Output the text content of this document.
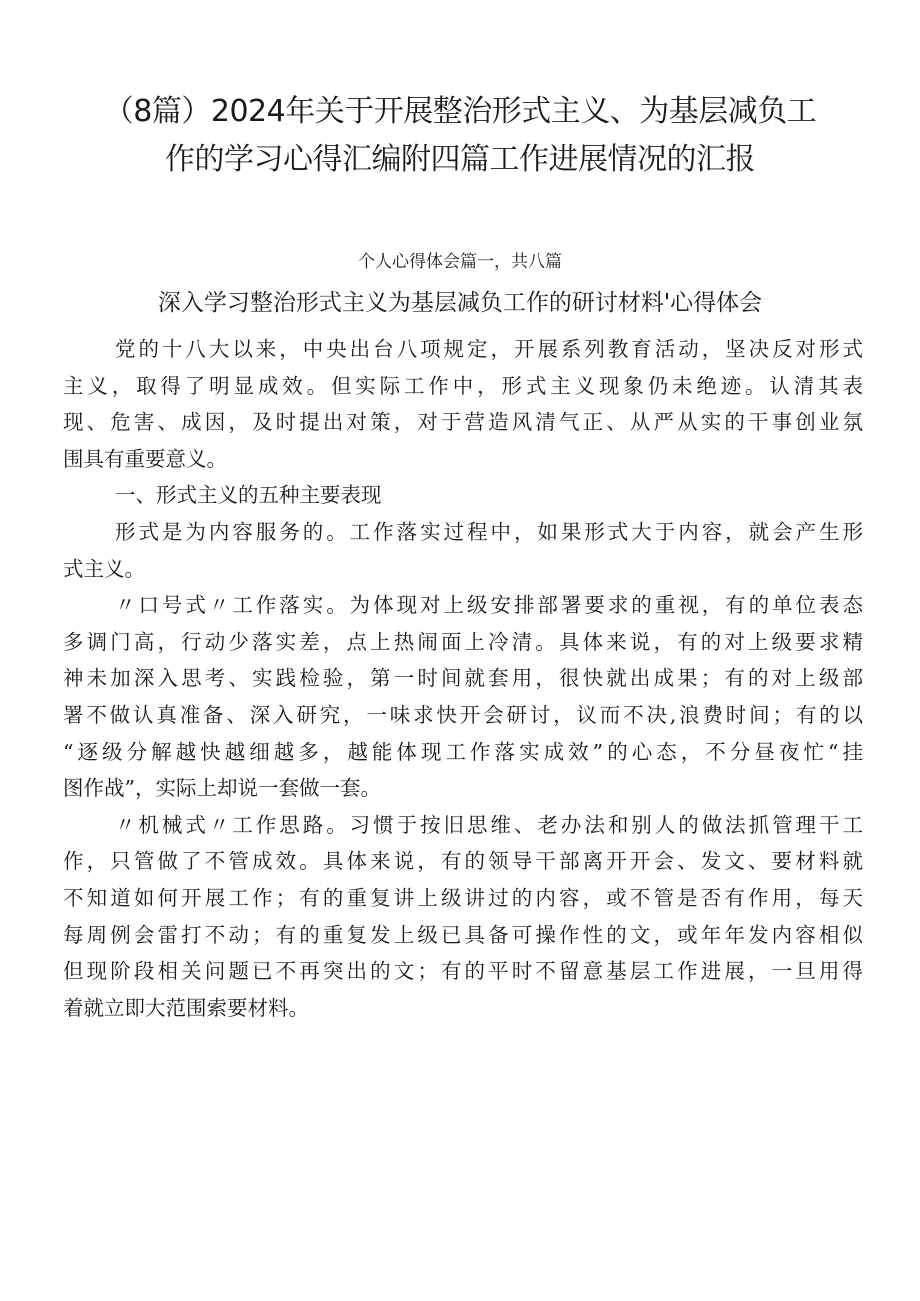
（8篇）2024年关于开展整治形式主义、为基层减负工
作的学习心得汇编附四篇工作进展情况的汇报

个人心得体会篇一，共八篇

深入学习整治形式主义为基层减负工作的研讨材料'心得体会

党的十八大以来，中央出台八项规定，开展系列教育活动，坚决反对形式
主义，取得了明显成效。但实际工作中，形式主义现象仍未绝迹。认清其表
现、危害、成因，及时提出对策，对于营造风清气正、从严从实的干事创业氛
围具有重要意义。

一、形式主义的五种主要表现

形式是为内容服务的。工作落实过程中，如果形式大于内容，就会产生形
式主义。

〃口号式〃工作落实。为体现对上级安排部署要求的重视，有的单位表态
多调门高，行动少落实差，点上热闹面上冷清。具体来说，有的对上级要求精
神未加深入思考、实践检验，第一时间就套用，很快就出成果；有的对上级部
署不做认真准备、深入研究，一味求快开会研讨，议而不决,浪费时间；有的以
“逐级分解越快越细越多，越能体现工作落实成效”的心态，不分昼夜忙“挂
图作战”，实际上却说一套做一套。

〃机械式〃工作思路。习惯于按旧思维、老办法和别人的做法抓管理干工
作，只管做了不管成效。具体来说，有的领导干部离开开会、发文、要材料就
不知道如何开展工作；有的重复讲上级讲过的内容，或不管是否有作用，每天
每周例会雷打不动；有的重复发上级已具备可操作性的文，或年年发内容相似
但现阶段相关问题已不再突出的文；有的平时不留意基层工作进展，一旦用得
着就立即大范围索要材料。
